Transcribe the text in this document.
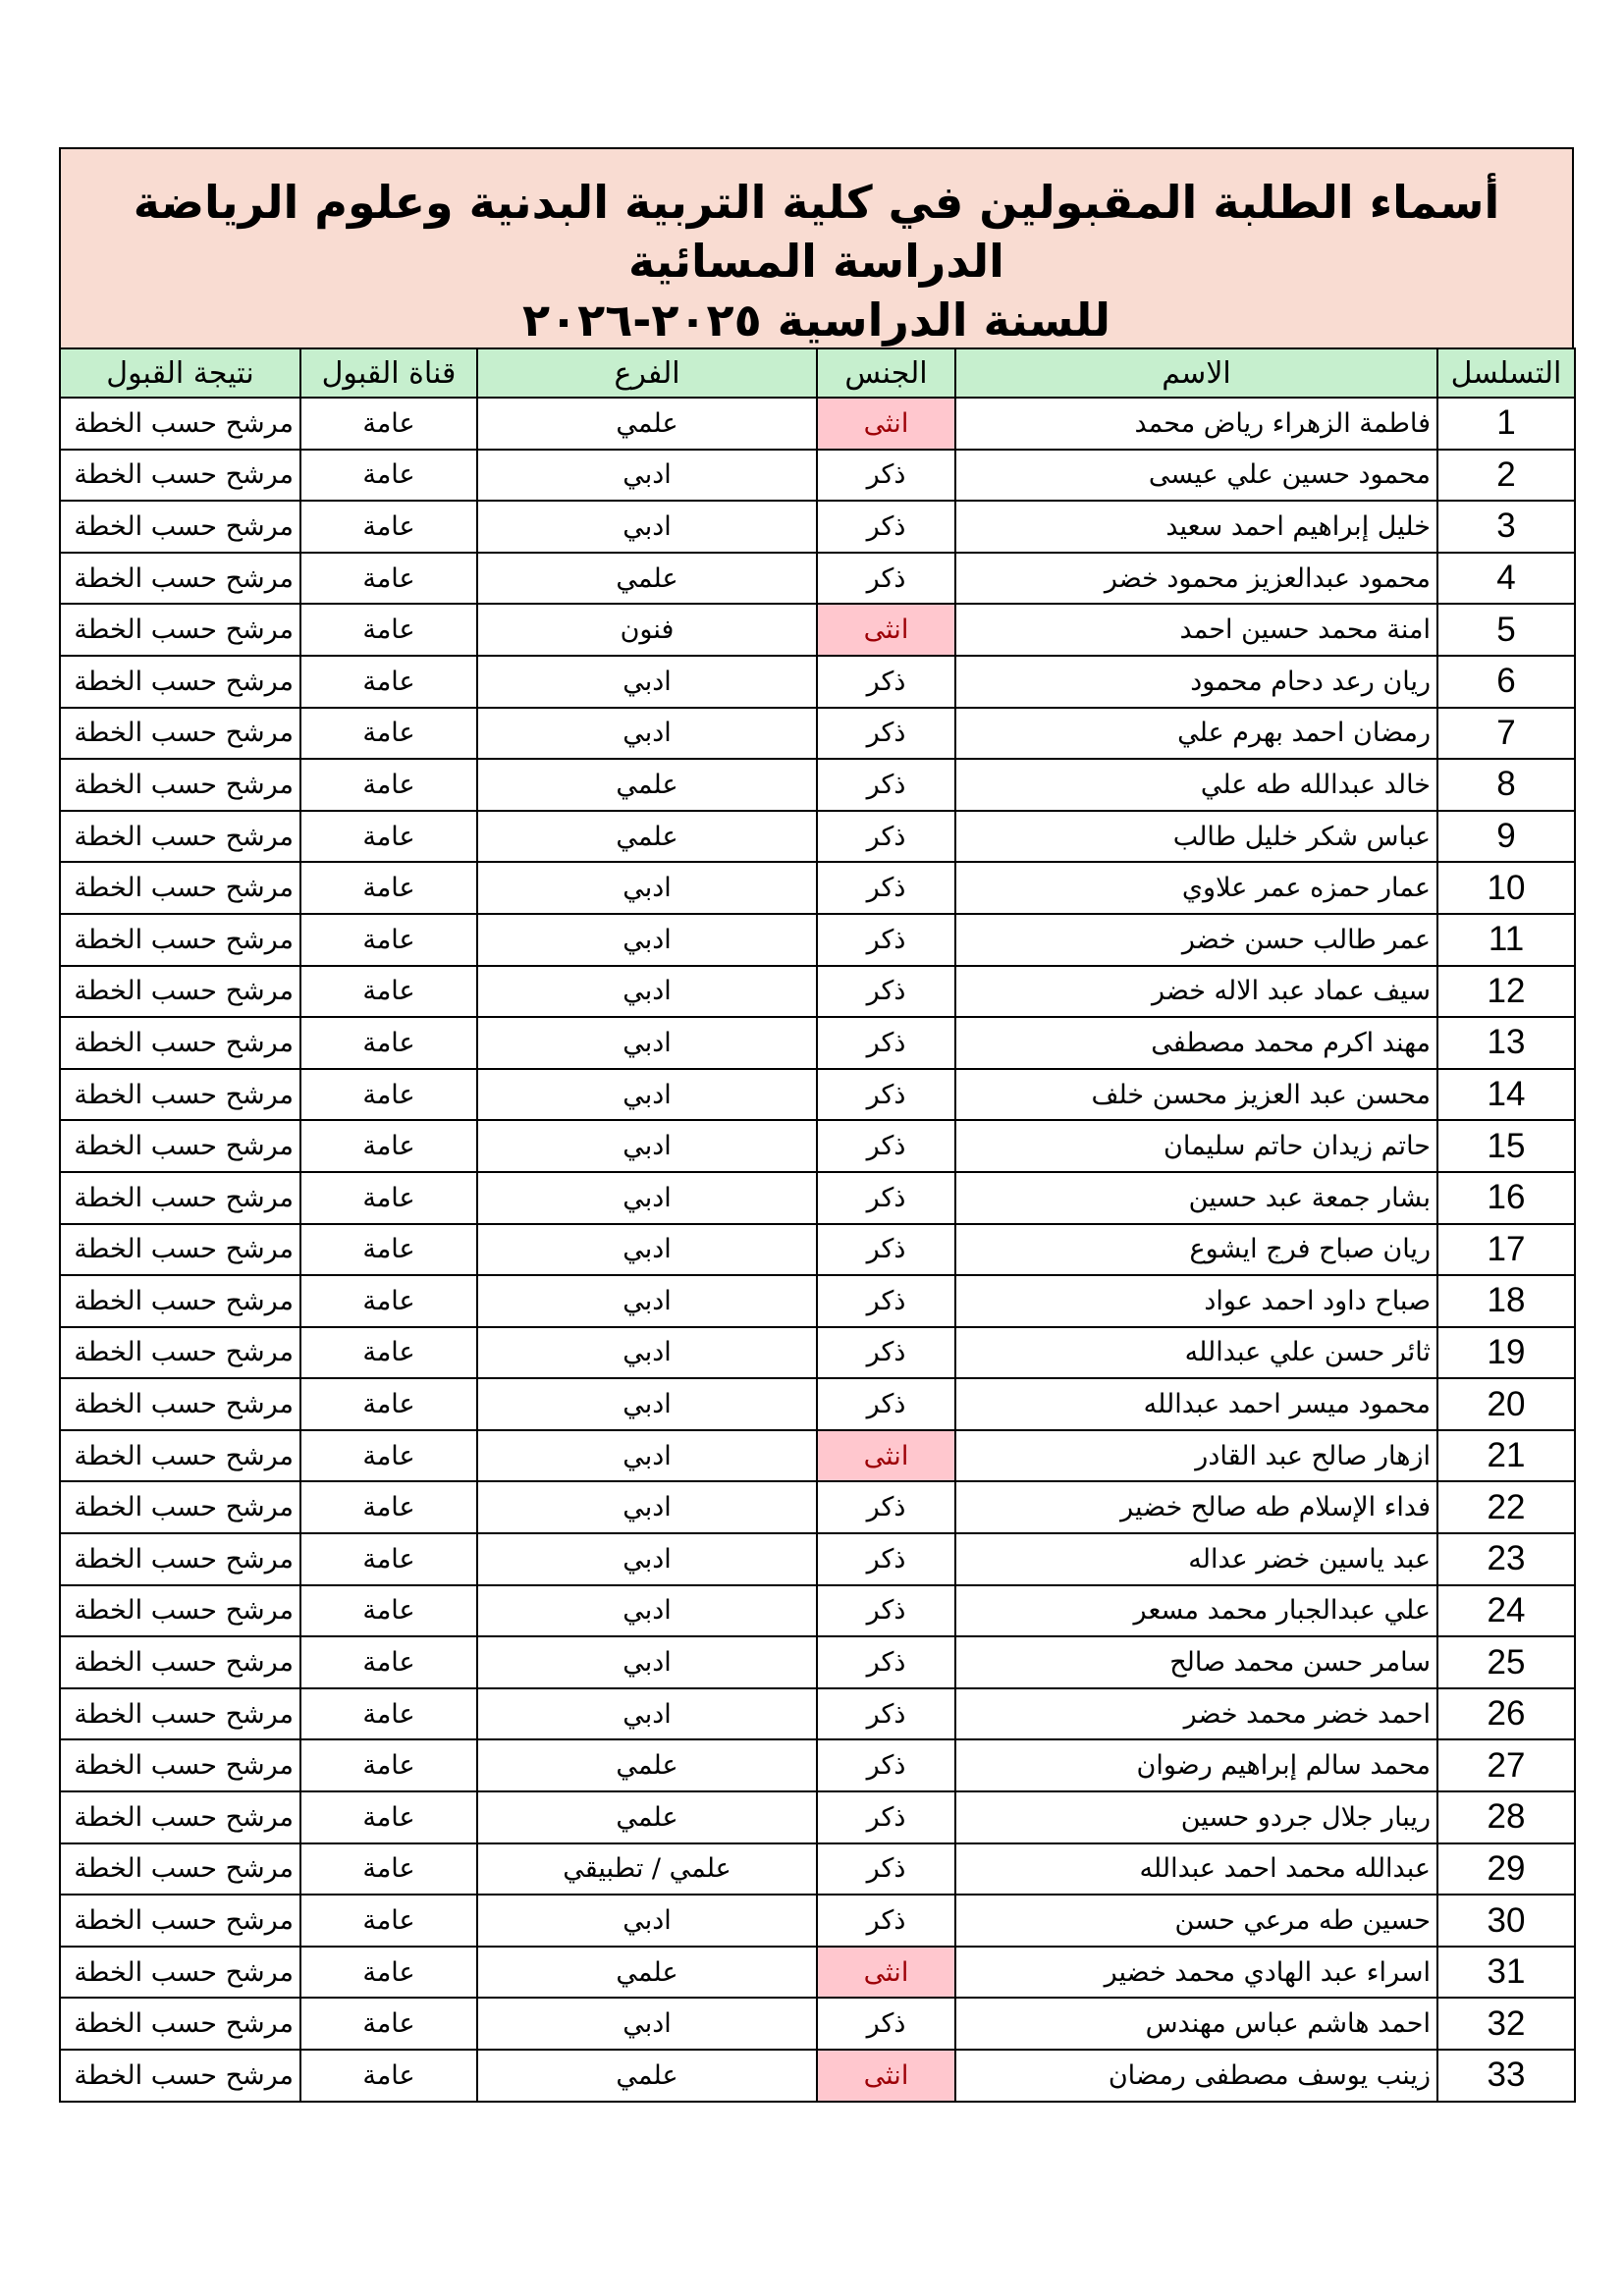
أسماء الطلبة المقبولين في كلية التربية البدنية وعلوم الرياضة الدراسة المسائية
للسنة الدراسية ٢٠٢٥-٢٠٢٦
التسلسل	الاسم	الجنس	الفرع	قناة القبول	نتيجة القبول
1	فاطمة الزهراء رياض محمد	انثى	علمي	عامة	مرشح حسب الخطة
2	محمود حسين علي عيسى	ذكر	ادبي	عامة	مرشح حسب الخطة
3	خليل إبراهيم احمد سعيد	ذكر	ادبي	عامة	مرشح حسب الخطة
4	محمود عبدالعزيز محمود خضر	ذكر	علمي	عامة	مرشح حسب الخطة
5	امنة محمد حسين احمد	انثى	فنون	عامة	مرشح حسب الخطة
6	ريان رعد دحام محمود	ذكر	ادبي	عامة	مرشح حسب الخطة
7	رمضان احمد بهرم علي	ذكر	ادبي	عامة	مرشح حسب الخطة
8	خالد عبدالله طه علي	ذكر	علمي	عامة	مرشح حسب الخطة
9	عباس شكر خليل طالب	ذكر	علمي	عامة	مرشح حسب الخطة
10	عمار حمزه عمر علاوي	ذكر	ادبي	عامة	مرشح حسب الخطة
11	عمر طالب حسن خضر	ذكر	ادبي	عامة	مرشح حسب الخطة
12	سيف عماد عبد الاله خضر	ذكر	ادبي	عامة	مرشح حسب الخطة
13	مهند اكرم محمد مصطفى	ذكر	ادبي	عامة	مرشح حسب الخطة
14	محسن عبد العزيز محسن خلف	ذكر	ادبي	عامة	مرشح حسب الخطة
15	حاتم زيدان حاتم سليمان	ذكر	ادبي	عامة	مرشح حسب الخطة
16	بشار جمعة عبد حسين	ذكر	ادبي	عامة	مرشح حسب الخطة
17	ريان صباح فرج ايشوع	ذكر	ادبي	عامة	مرشح حسب الخطة
18	صباح داود احمد عواد	ذكر	ادبي	عامة	مرشح حسب الخطة
19	ثائر حسن علي عبدالله	ذكر	ادبي	عامة	مرشح حسب الخطة
20	محمود ميسر احمد عبدالله	ذكر	ادبي	عامة	مرشح حسب الخطة
21	ازهار صالح عبد القادر	انثى	ادبي	عامة	مرشح حسب الخطة
22	فداء الإسلام طه صالح خضير	ذكر	ادبي	عامة	مرشح حسب الخطة
23	عبد ياسين خضر عداله	ذكر	ادبي	عامة	مرشح حسب الخطة
24	علي عبدالجبار محمد مسعر	ذكر	ادبي	عامة	مرشح حسب الخطة
25	سامر حسن محمد صالح	ذكر	ادبي	عامة	مرشح حسب الخطة
26	احمد خضر محمد خضر	ذكر	ادبي	عامة	مرشح حسب الخطة
27	محمد سالم إبراهيم رضوان	ذكر	علمي	عامة	مرشح حسب الخطة
28	ريبار جلال جردو حسين	ذكر	علمي	عامة	مرشح حسب الخطة
29	عبدالله محمد احمد عبدالله	ذكر	علمي / تطبيقي	عامة	مرشح حسب الخطة
30	حسين طه مرعي حسن	ذكر	ادبي	عامة	مرشح حسب الخطة
31	اسراء عبد الهادي محمد خضير	انثى	علمي	عامة	مرشح حسب الخطة
32	احمد هاشم عباس مهندس	ذكر	ادبي	عامة	مرشح حسب الخطة
33	زينب يوسف مصطفى رمضان	انثى	علمي	عامة	مرشح حسب الخطة
